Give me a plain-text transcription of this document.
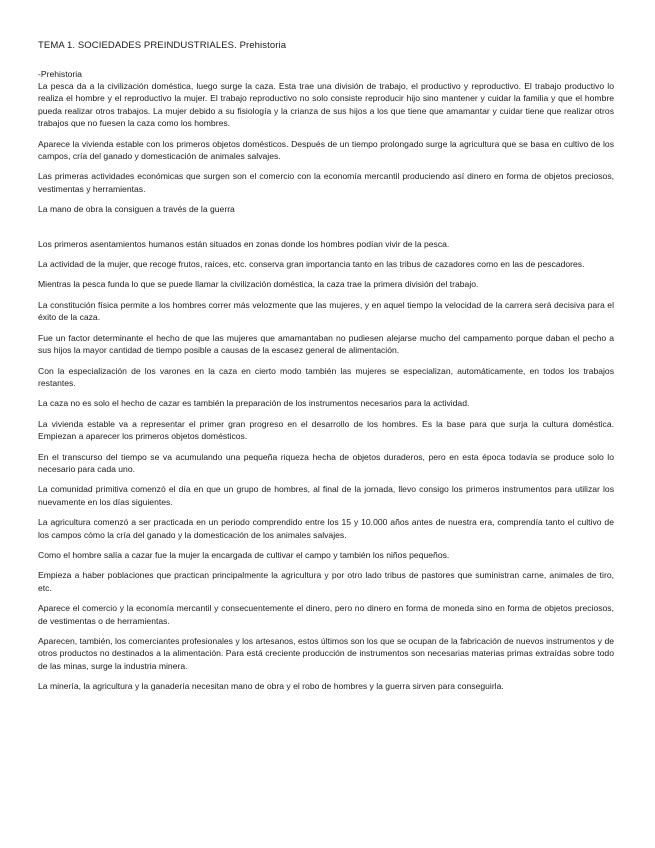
TEMA 1. SOCIEDADES PREINDUSTRIALES. Prehistoria

-Prehistoria

La pesca da a la civilización doméstica, luego surge la caza. Esta trae una división de trabajo, el productivo y reproductivo. El trabajo productivo lo realiza el hombre y el reproductivo la mujer. El trabajo reproductivo no solo consiste reproducir hijo sino mantener y cuidar la familia y que el hombre pueda realizar otros trabajos. La mujer debido a su fisiología y la crianza de sus hijos a los que tiene que amamantar y cuidar tiene que realizar otros trabajos que no fuesen la caza como los hombres.

Aparece la vivienda estable con los primeros objetos domésticos. Después de un tiempo prolongado surge la agricultura que se basa en cultivo de los campos, cría del ganado y domesticación de animales salvajes.

Las primeras actividades económicas que surgen son el comercio con la economía mercantil produciendo así dinero en forma de objetos preciosos, vestimentas y herramientas.

La mano de obra la consiguen a través de la guerra

Los primeros asentamientos humanos están situados en zonas donde los hombres podían vivir de la pesca.

La actividad de la mujer, que recoge frutos, raíces, etc. conserva gran importancia tanto en las tribus de cazadores como en las de pescadores.

Mientras la pesca funda lo que se puede llamar la civilización doméstica, la caza trae la primera división del trabajo.

La constitución física permite a los hombres correr más velozmente que las mujeres, y en aquel tiempo la velocidad de la carrera será decisiva para el éxito de la caza.

Fue un factor determinante el hecho de que las mujeres que amamantaban no pudiesen alejarse mucho del campamento porque daban el pecho a sus hijos la mayor cantidad de tiempo posible a causas de la escasez general de alimentación.

Con la especialización de los varones en la caza en cierto modo también las mujeres se especializan, automáticamente, en todos los trabajos restantes.

La caza no es solo el hecho de cazar es también la preparación de los instrumentos necesarios para la actividad.

La vivienda estable va a representar el primer gran progreso en el desarrollo de los hombres. Es la base para que surja la cultura doméstica. Empiezan a aparecer los primeros objetos domésticos.

En el transcurso del tiempo se va acumulando una pequeña riqueza hecha de objetos duraderos, pero en esta época todavía se produce solo lo necesario para cada uno.

La comunidad primitiva comenzó el día en que un grupo de hombres, al final de la jornada, llevo consigo los primeros instrumentos para utilizar los nuevamente en los días siguientes.

La agricultura comenzó a ser practicada en un periodo comprendido entre los 15 y 10.000 años antes de nuestra era, comprendía tanto el cultivo de los campos cómo la cría del ganado y la domesticación de los animales salvajes.

Como el hombre salía a cazar fue la mujer la encargada de cultivar el campo y también los niños pequeños.

Empieza a haber poblaciones que practican principalmente la agricultura y por otro lado tribus de pastores que suministran carne, animales de tiro, etc.

Aparece el comercio y la economía mercantil y consecuentemente el dinero, pero no dinero en forma de moneda sino en forma de objetos preciosos, de vestimentas o de herramientas.

Aparecen, también, los comerciantes profesionales y los artesanos, estos últimos son los que se ocupan de la fabricación de nuevos instrumentos y de otros productos no destinados a la alimentación. Para está creciente producción de instrumentos son necesarias materias primas extraídas sobre todo de las minas, surge la industria minera.

La minería, la agricultura y la ganadería necesitan mano de obra y el robo de hombres y la guerra sirven para conseguirla.
